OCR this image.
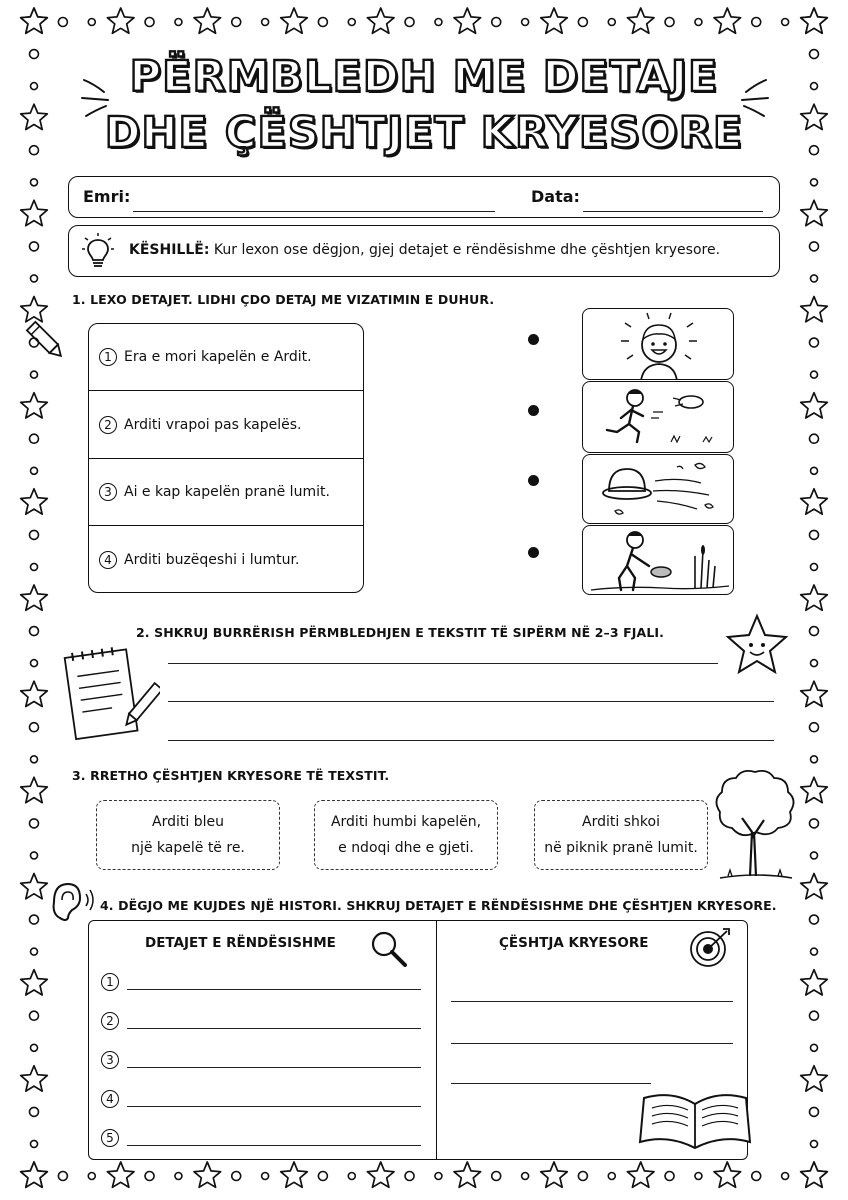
PËRMBLEDH ME DETAJE
DHE ÇËSHTJET KRYESORE
Emri:	Data:
KËSHILLË: Kur lexon ose dëgjon, gjej detajet e rëndësishme dhe çështjen kryesore.
1. LEXO DETAJET. LIDHI ÇDO DETAJ ME VIZATIMIN E DUHUR.
1 Era e mori kapelën e Ardit.
2 Arditi vrapoi pas kapelës.
3 Ai e kap kapelën pranë lumit.
4 Arditi buzëqeshi i lumtur.
2. SHKRUJ BURRËRISH PËRMBLEDHJEN E TEKSTIT TË SIPËRM NË 2–3 FJALI.
3. RRETHO ÇËSHTJEN KRYESORE TË TEXSTIT.
Arditi bleu
një kapelë të re.
Arditi humbi kapelën,
e ndoqi dhe e gjeti.
Arditi shkoi
në piknik pranë lumit.
4. DËGJO ME KUJDES NJË HISTORI. SHKRUJ DETAJET E RËNDËSISHME DHE ÇËSHTJEN KRYESORE.
DETAJET E RËNDËSISHME	ÇËSHTJA KRYESORE
1
2
3
4
5
